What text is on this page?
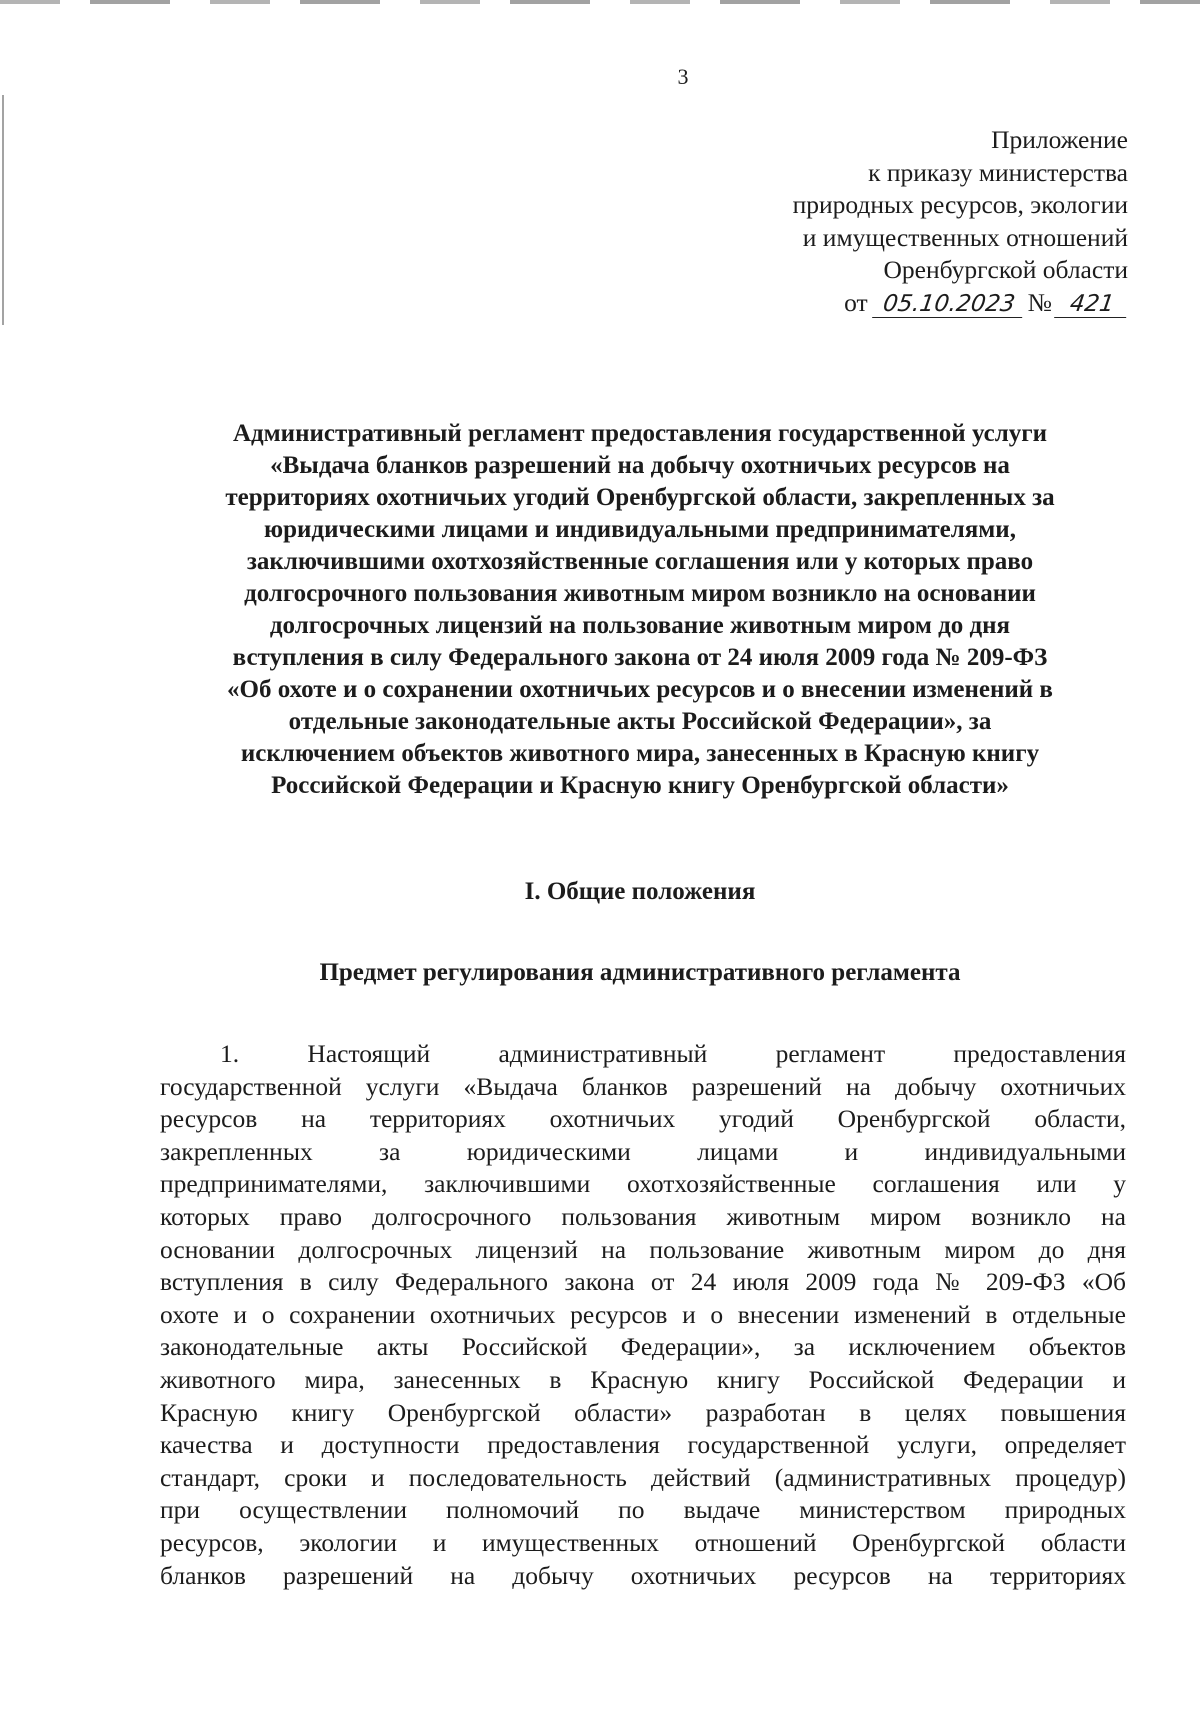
3
Приложение
к приказу министерства
природных ресурсов, экологии
и имущественных отношений
Оренбургской области
от 05.10.2023 № 421
Административный регламент предоставления государственной услуги
«Выдача бланков разрешений на добычу охотничьих ресурсов на
территориях охотничьих угодий Оренбургской области, закрепленных за
юридическими лицами и индивидуальными предпринимателями,
заключившими охотхозяйственные соглашения или у которых право
долгосрочного пользования животным миром возникло на основании
долгосрочных лицензий на пользование животным миром до дня
вступления в силу Федерального закона от 24 июля 2009 года № 209-ФЗ
«Об охоте и о сохранении охотничьих ресурсов и о внесении изменений в
отдельные законодательные акты Российской Федерации», за
исключением объектов животного мира, занесенных в Красную книгу
Российской Федерации и Красную книгу Оренбургской области»
I. Общие положения
Предмет регулирования административного регламента
1. Настоящий административный регламент предоставления
государственной услуги «Выдача бланков разрешений на добычу охотничьих
ресурсов на территориях охотничьих угодий Оренбургской области,
закрепленных за юридическими лицами и индивидуальными
предпринимателями, заключившими охотхозяйственные соглашения или у
которых право долгосрочного пользования животным миром возникло на
основании долгосрочных лицензий на пользование животным миром до дня
вступления в силу Федерального закона от 24 июля 2009 года № 209-ФЗ «Об
охоте и о сохранении охотничьих ресурсов и о внесении изменений в отдельные
законодательные акты Российской Федерации», за исключением объектов
животного мира, занесенных в Красную книгу Российской Федерации и
Красную книгу Оренбургской области» разработан в целях повышения
качества и доступности предоставления государственной услуги, определяет
стандарт, сроки и последовательность действий (административных процедур)
при осуществлении полномочий по выдаче министерством природных
ресурсов, экологии и имущественных отношений Оренбургской области
бланков разрешений на добычу охотничьих ресурсов на территориях
